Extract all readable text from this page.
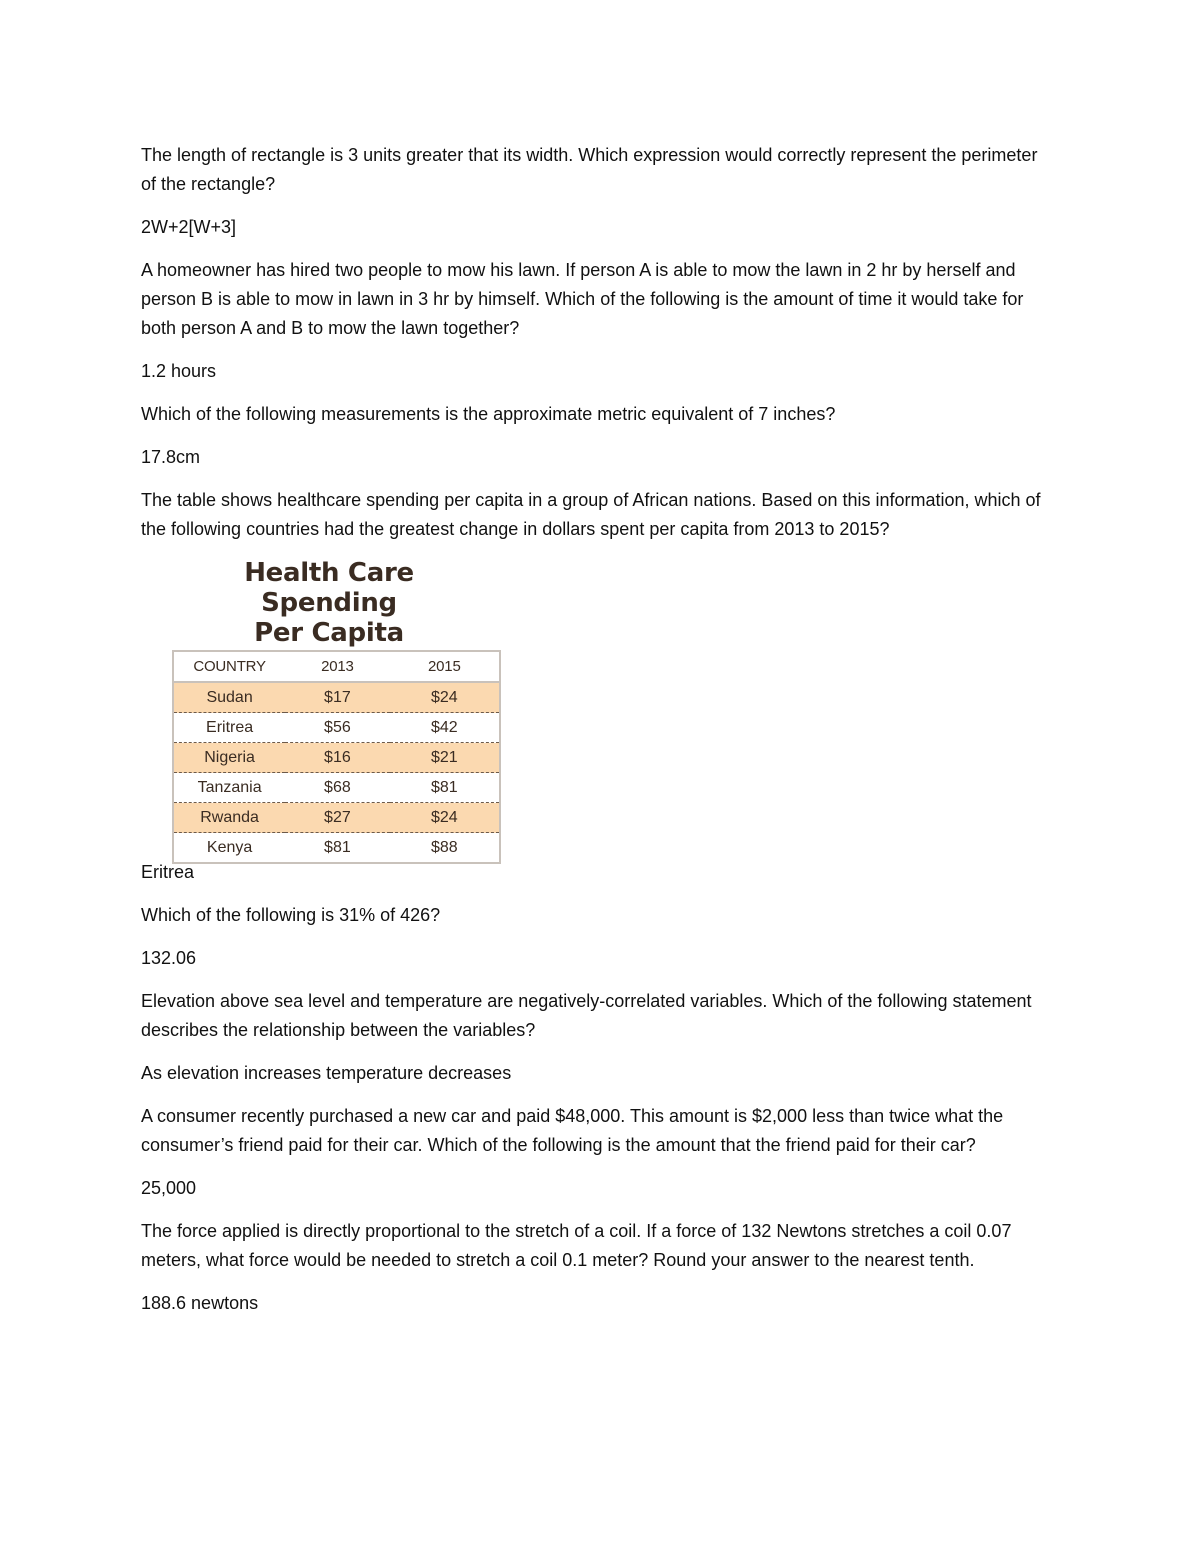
The length of rectangle is 3 units greater that its width. Which expression would correctly represent the perimeter of the rectangle?

2W+2[W+3]

A homeowner has hired two people to mow his lawn. If person A is able to mow the lawn in 2 hr by herself and person B is able to mow in lawn in 3 hr by himself. Which of the following is the amount of time it would take for both person A and B to mow the lawn together?

1.2 hours

Which of the following measurements is the approximate metric equivalent of 7 inches?

17.8cm

The table shows healthcare spending per capita in a group of African nations. Based on this information, which of the following countries had the greatest change in dollars spent per capita from 2013 to 2015?

Health Care Spending
Per Capita
COUNTRY	2013	2015
Sudan	$17	$24
Eritrea	$56	$42
Nigeria	$16	$21
Tanzania	$68	$81
Rwanda	$27	$24
Kenya	$81	$88

Eritrea

Which of the following is 31% of 426?

132.06

Elevation above sea level and temperature are negatively-correlated variables. Which of the following statement describes the relationship between the variables?

As elevation increases temperature decreases

A consumer recently purchased a new car and paid $48,000. This amount is $2,000 less than twice what the consumer’s friend paid for their car. Which of the following is the amount that the friend paid for their car?

25,000

The force applied is directly proportional to the stretch of a coil. If a force of 132 Newtons stretches a coil 0.07 meters, what force would be needed to stretch a coil 0.1 meter? Round your answer to the nearest tenth.

188.6 newtons
